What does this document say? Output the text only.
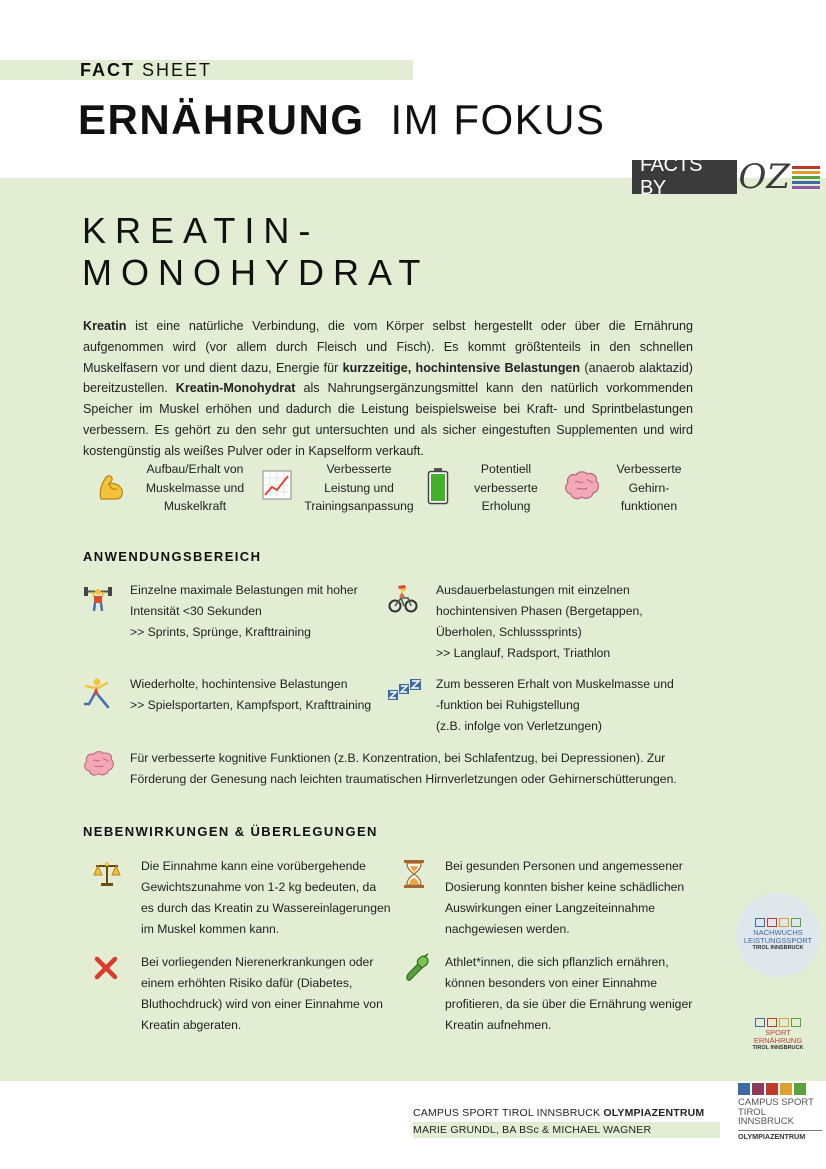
FACT SHEET
ERNÄHRUNG IM FOKUS
FACTS BY	OZ
KREATIN-
MONOHYDRAT
Kreatin ist eine natürliche Verbindung, die vom Körper selbst hergestellt oder über die Ernährung aufgenommen wird (vor allem durch Fleisch und Fisch). Es kommt größtenteils in den schnellen Muskelfasern vor und dient dazu, Energie für kurzzeitige, hochintensive Belastungen (anaerob alaktazid) bereitzustellen. Kreatin-Monohydrat als Nahrungsergänzungsmittel kann den natürlich vorkommenden Speicher im Muskel erhöhen und dadurch die Leistung beispielsweise bei Kraft- und Sprintbelastungen verbessern. Es gehört zu den sehr gut untersuchten und als sicher eingestuften Supplementen und wird kostengünstig als weißes Pulver oder in Kapselform verkauft.
Aufbau/Erhalt von
Muskelmasse und
Muskelkraft
Verbesserte
Leistung und
Trainingsanpassung
Potentiell
verbesserte
Erholung
Verbesserte
Gehirn-
funktionen
ANWENDUNGSBEREICH
Einzelne maximale Belastungen mit hoher
Intensität <30 Sekunden
>> Sprints, Sprünge, Krafttraining
Ausdauerbelastungen mit einzelnen
hochintensiven Phasen (Bergetappen,
Überholen, Schlusssprints)
>> Langlauf, Radsport, Triathlon
Wiederholte, hochintensive Belastungen
>> Spielsportarten, Kampfsport, Krafttraining
Zum besseren Erhalt von Muskelmasse und
-funktion bei Ruhigstellung
(z.B. infolge von Verletzungen)
Für verbesserte kognitive Funktionen (z.B. Konzentration, bei Schlafentzug, bei Depressionen). Zur
Förderung der Genesung nach leichten traumatischen Hirnverletzungen oder Gehirnerschütterungen.
NEBENWIRKUNGEN & ÜBERLEGUNGEN
Die Einnahme kann eine vorübergehende
Gewichtszunahme von 1-2 kg bedeuten, da
es durch das Kreatin zu Wassereinlagerungen
im Muskel kommen kann.
Bei gesunden Personen und angemessener
Dosierung konnten bisher keine schädlichen
Auswirkungen einer Langzeiteinnahme
nachgewiesen werden.
Bei vorliegenden Nierenerkrankungen oder
einem erhöhten Risiko dafür (Diabetes,
Bluthochdruck) wird von einer Einnahme von
Kreatin abgeraten.
Athlet*innen, die sich pflanzlich ernähren,
können besonders von einer Einnahme
profitieren, da sie über die Ernährung weniger
Kreatin aufnehmen.
NACHWUCHS
LEISTUNGSSPORT
TIROL INNSBRUCK
SPORT
ERNÄHRUNG
TIROL INNSBRUCK
CAMPUS SPORT
TIROL INNSBRUCK
OLYMPIAZENTRUM
CAMPUS SPORT TIROL INNSBRUCK OLYMPIAZENTRUM
MARIE GRUNDL, BA BSc & MICHAEL WAGNER
